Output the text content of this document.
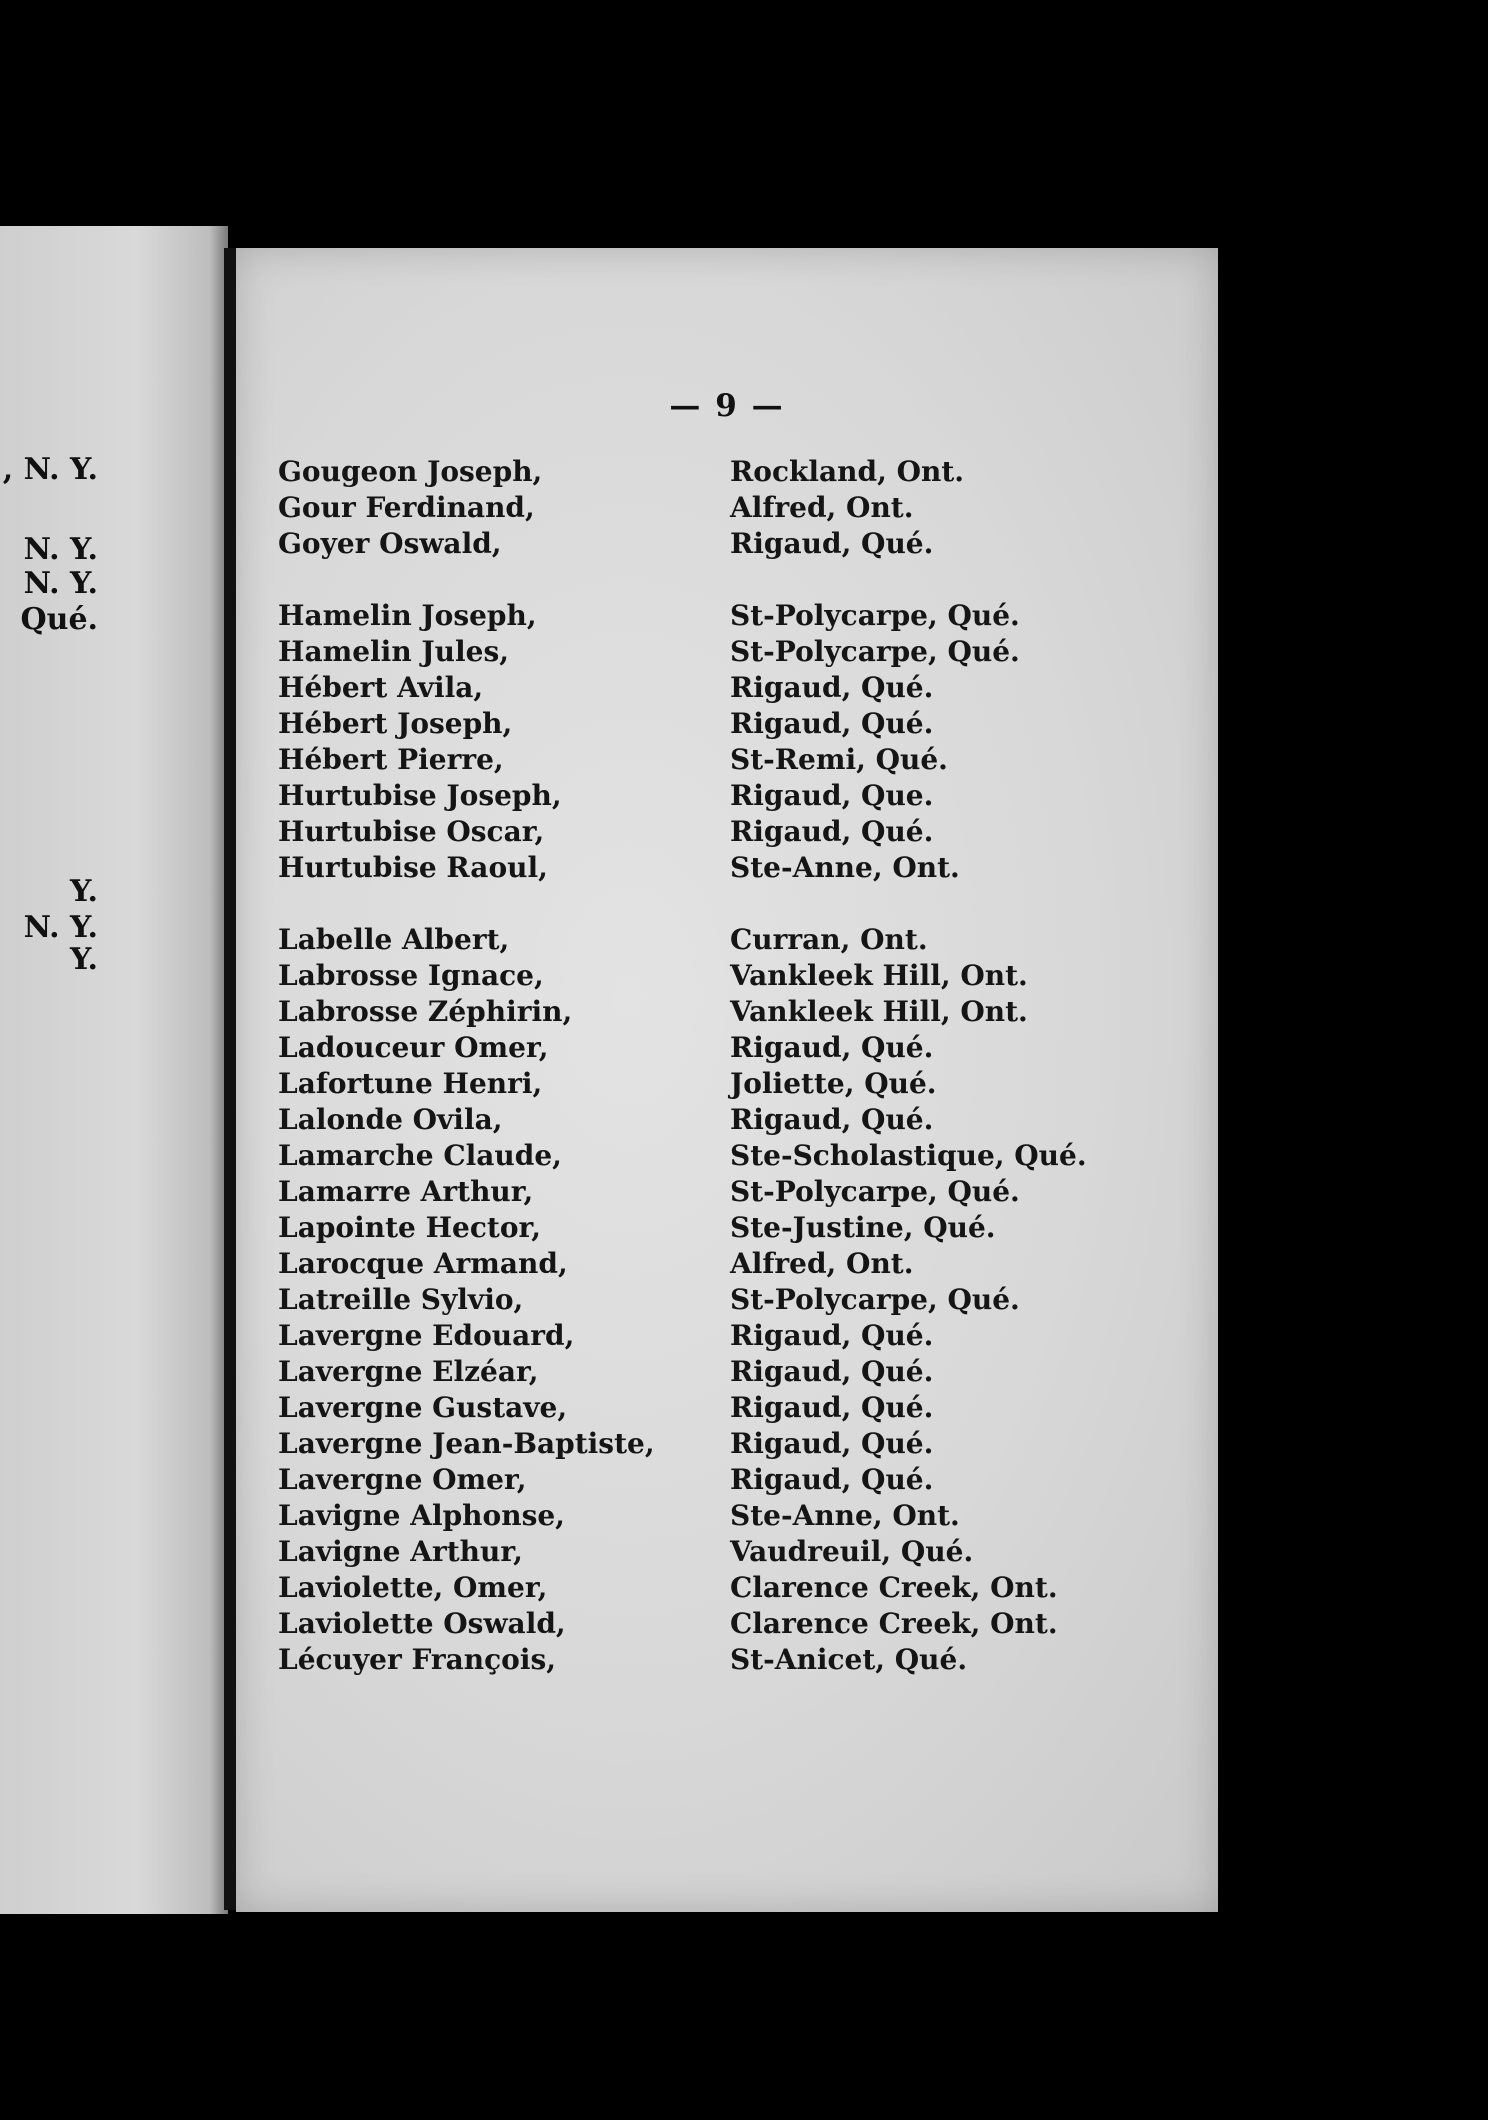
, N. Y.
N. Y.
N. Y.
Qué.
Y.
N. Y.
Y.
— 9 —
Gougeon Joseph,	Rockland, Ont.
Gour Ferdinand,	Alfred, Ont.
Goyer Oswald,	Rigaud, Qué.
Hamelin Joseph,	St-Polycarpe, Qué.
Hamelin Jules,	St-Polycarpe, Qué.
Hébert Avila,	Rigaud, Qué.
Hébert Joseph,	Rigaud, Qué.
Hébert Pierre,	St-Remi, Qué.
Hurtubise Joseph,	Rigaud, Que.
Hurtubise Oscar,	Rigaud, Qué.
Hurtubise Raoul,	Ste-Anne, Ont.
Labelle Albert,	Curran, Ont.
Labrosse Ignace,	Vankleek Hill, Ont.
Labrosse Zéphirin,	Vankleek Hill, Ont.
Ladouceur Omer,	Rigaud, Qué.
Lafortune Henri,	Joliette, Qué.
Lalonde Ovila,	Rigaud, Qué.
Lamarche Claude,	Ste-Scholastique, Qué.
Lamarre Arthur,	St-Polycarpe, Qué.
Lapointe Hector,	Ste-Justine, Qué.
Larocque Armand,	Alfred, Ont.
Latreille Sylvio,	St-Polycarpe, Qué.
Lavergne Edouard,	Rigaud, Qué.
Lavergne Elzéar,	Rigaud, Qué.
Lavergne Gustave,	Rigaud, Qué.
Lavergne Jean-Baptiste,	Rigaud, Qué.
Lavergne Omer,	Rigaud, Qué.
Lavigne Alphonse,	Ste-Anne, Ont.
Lavigne Arthur,	Vaudreuil, Qué.
Laviolette, Omer,	Clarence Creek, Ont.
Laviolette Oswald,	Clarence Creek, Ont.
Lécuyer François,	St-Anicet, Qué.
